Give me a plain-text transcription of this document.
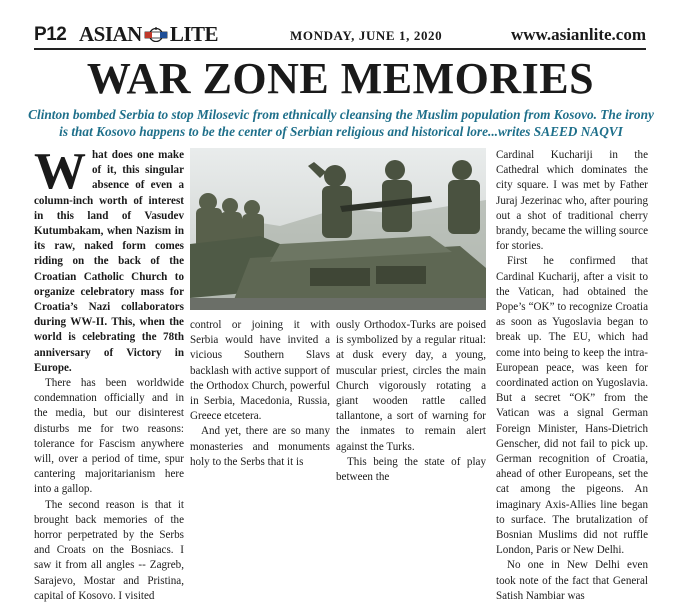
P12 ASIAN LITE	MONDAY, JUNE 1, 2020	www.asianlite.com
WAR ZONE MEMORIES
Clinton bombed Serbia to stop Milosevic from ethnically cleansing the Muslim population from Kosovo. The irony is that Kosovo happens to be the center of Serbian religious and historical lore...writes SAEED NAQVI

What does one make of it, this singular absence of even a column-inch worth of interest in this land of Vasudev Kutumbakam, when Nazism in its raw, naked form comes riding on the back of the Croatian Catholic Church to organize celebratory mass for Croatia’s Nazi collaborators during WW-II. This, when the world is celebrating the 78th anniversary of Victory in Europe.

There has been worldwide condemnation officially and in the media, but our disinterest disturbs me for two reasons: tolerance for Fascism anywhere will, over a period of time, spur cantering majoritarianism here into a gallop.

The second reason is that it brought back memories of the horror perpetrated by the Serbs and Croats on the Bosniacs. I saw it from all angles -- Zagreb, Sarajevo, Mostar and Pristina, capital of Kosovo. I visited

control or joining it with Serbia would have invited a vicious Southern Slavs backlash with active support of the Orthodox Church, powerful in Serbia, Macedonia, Russia, Greece etcetera.

And yet, there are so many monasteries and monuments holy to the Serbs that it is

ously Orthodox-Turks are poised is symbolized by a regular ritual: at dusk every day, a young, muscular priest, circles the main Church vigorously rotating a giant wooden rattle called tallantone, a sort of warning for the inmates to remain alert against the Turks.

This being the state of play between the

Cardinal Kuchariji in the Cathedral which dominates the city square. I was met by Father Juraj Jezerinac who, after pouring out a shot of traditional cherry brandy, became the willing source for stories.

First he confirmed that Cardinal Kucharij, after a visit to the Vatican, had obtained the Pope’s “OK” to recognize Croatia as soon as Yugoslavia began to break up. The EU, which had come into being to keep the intra-European peace, was keen for coordinated action on Yugoslavia. But a secret “OK” from the Vatican was a signal German Foreign Minister, Hans-Dietrich Genscher, did not fail to pick up. German recognition of Croatia, ahead of other Europeans, set the cat among the pigeons. An imaginary Axis-Allies line began to surface. The brutalization of Bosnian Muslims did not ruffle London, Paris or New Delhi.

No one in New Delhi even took note of the fact that General Satish Nambiar was
